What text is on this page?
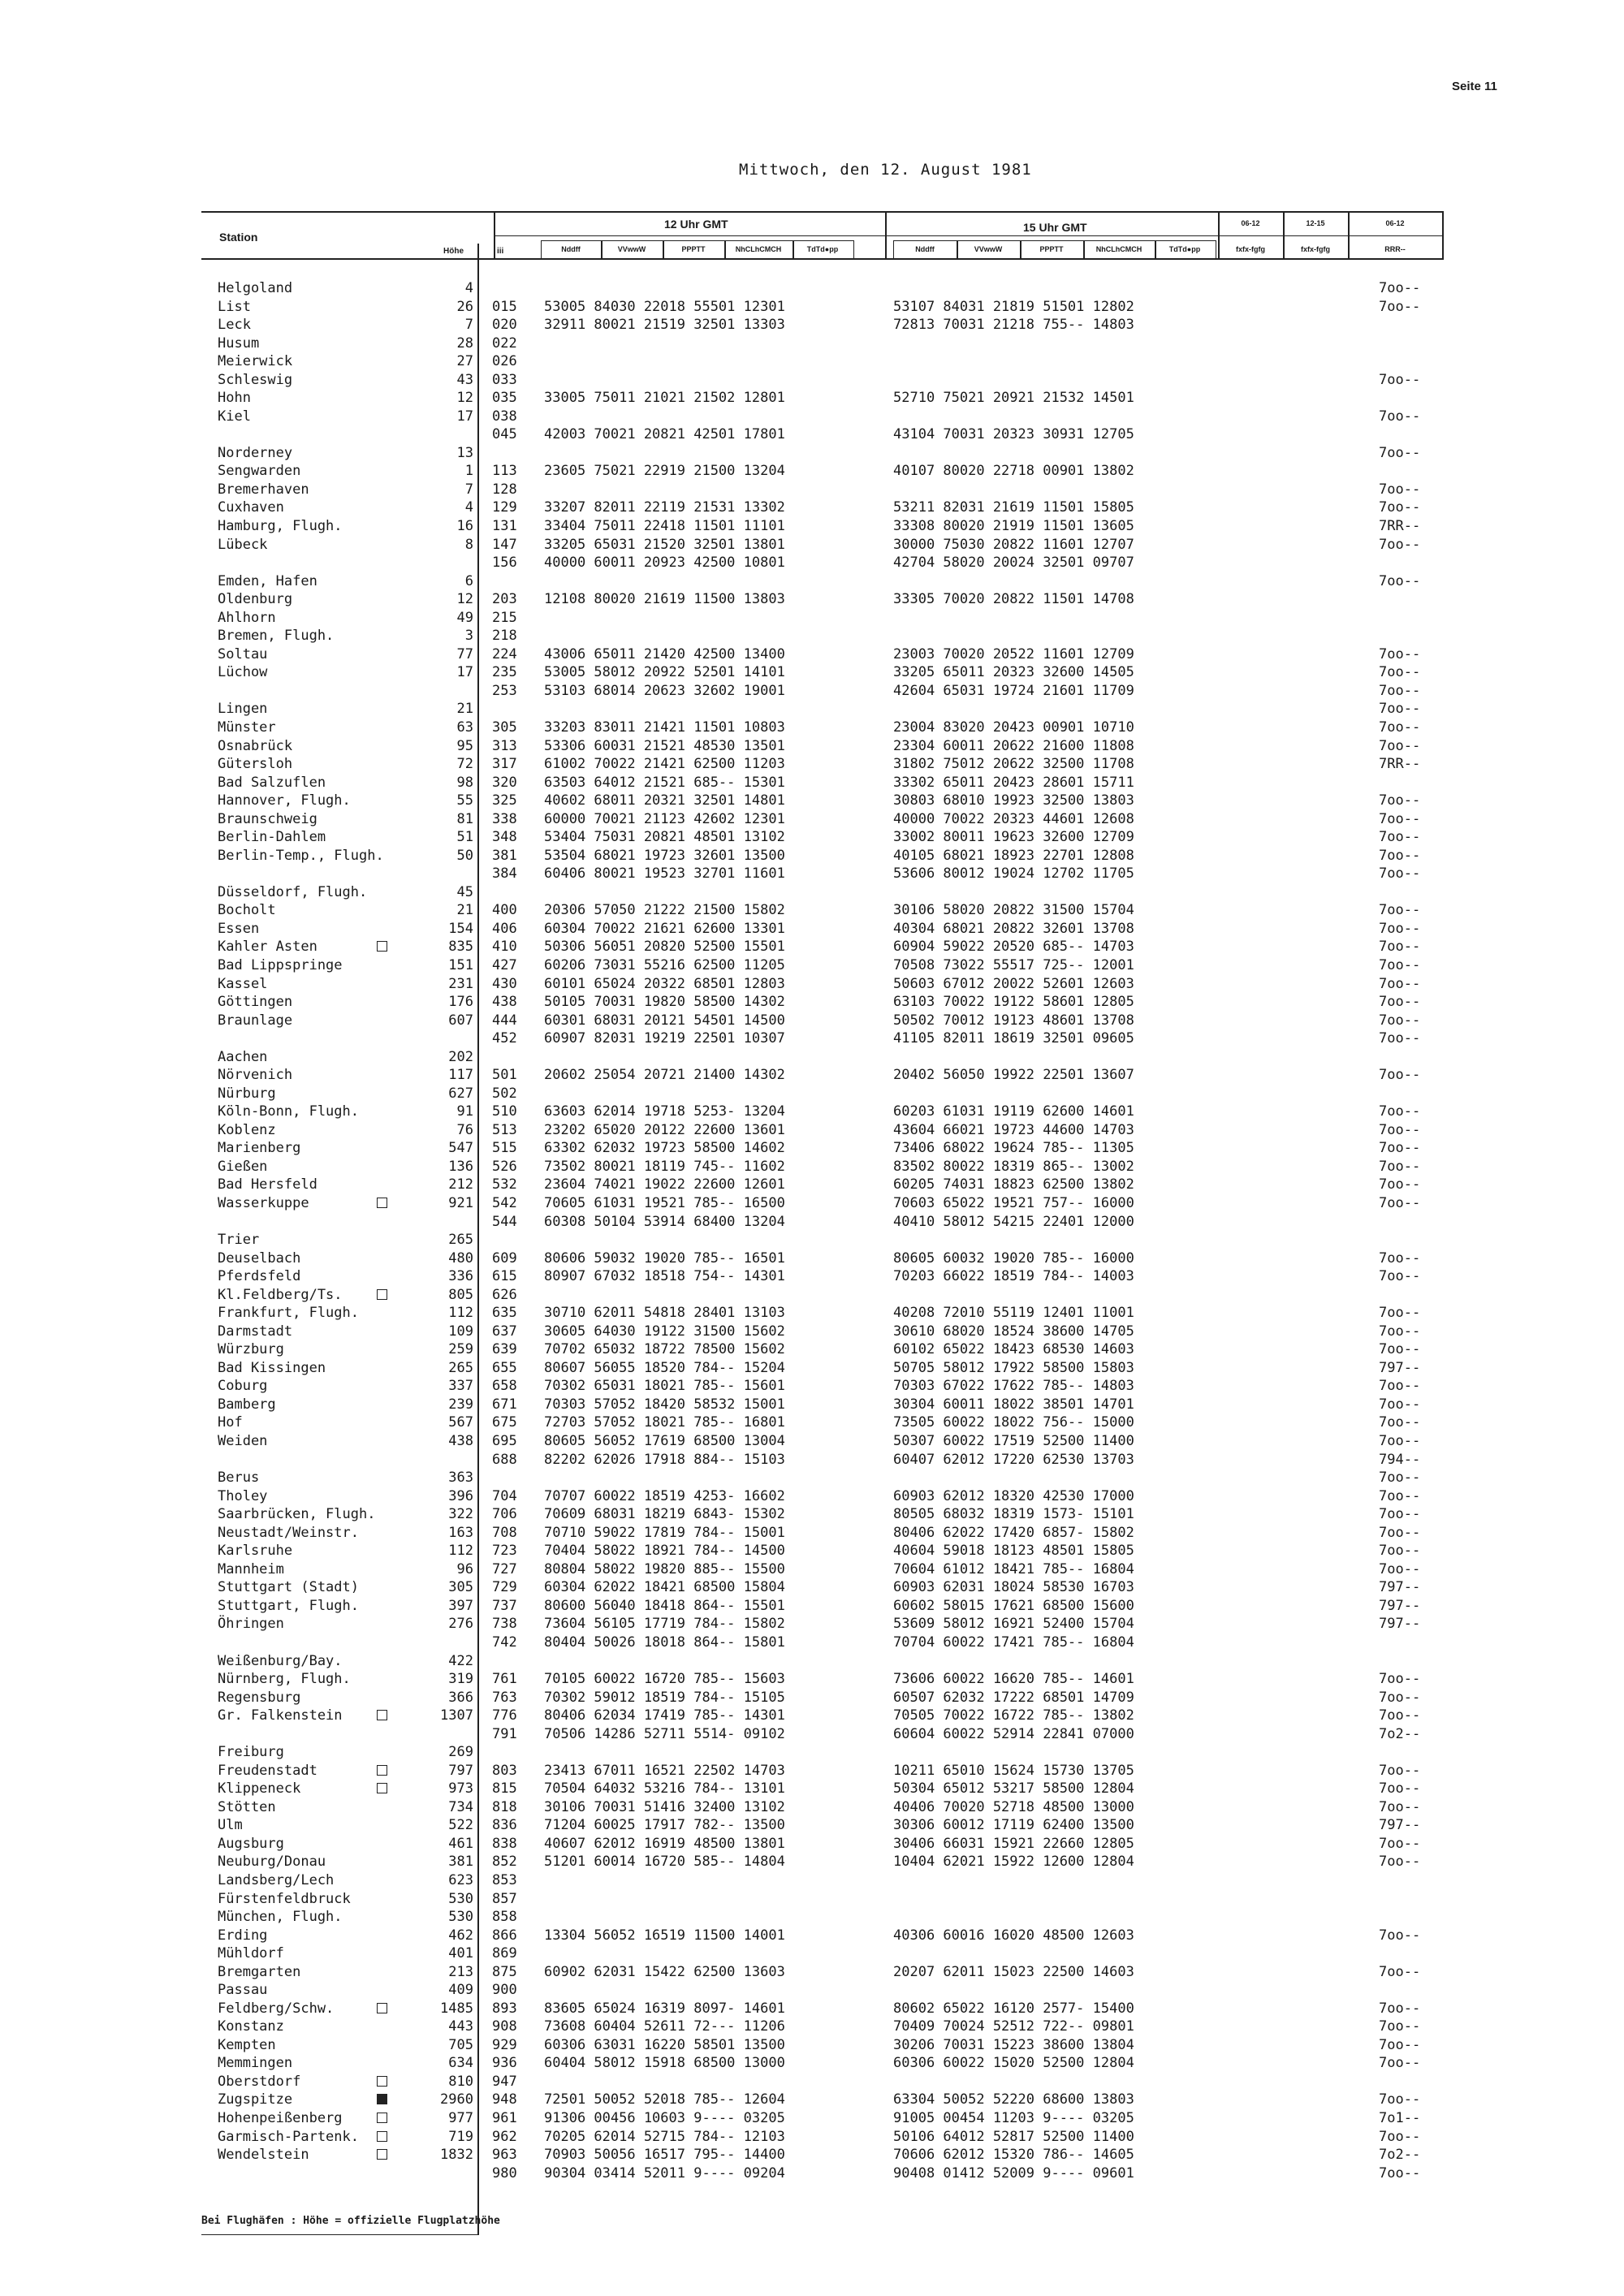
Seite 11
Mittwoch, den 12. August 1981
Station
Höhe	iii
12 Uhr GMT	15 Uhr GMT
Nddff	VVwwW	PPPTT	NhCLhCMCH	TdTd●pp	Nddff	VVwwW	PPPTT	NhCLhCMCH	TdTd●pp
06-12	12-15	06-12
fxfx-fgfg	fxfx-fgfg	RRR--
Helgoland	4	7oo--
List	26 015 53005 84030 22018 55501 12301	53107 84031 21819 51501 12802	7oo--
Leck	7 020 32911 80021 21519 32501 13303	72813 70031 21218 755-- 14803
Husum	28 022
Meierwick	27 026
Schleswig	43 033	7oo--
Hohn	12 035 33005 75011 21021 21502 12801	52710 75021 20921 21532 14501
Kiel	17 038	7oo--
045 42003 70021 20821 42501 17801	43104 70031 20323 30931 12705
Norderney	13	7oo--
Sengwarden	1 113 23605 75021 22919 21500 13204	40107 80020 22718 00901 13802
Bremerhaven	7 128	7oo--
Cuxhaven	4 129 33207 82011 22119 21531 13302	53211 82031 21619 11501 15805	7oo--
Hamburg, Flugh.	16 131 33404 75011 22418 11501 11101	33308 80020 21919 11501 13605	7RR--
Lübeck	8 147 33205 65031 21520 32501 13801	30000 75030 20822 11601 12707	7oo--
156 40000 60011 20923 42500 10801	42704 58020 20024 32501 09707
Emden, Hafen	6	7oo--
Oldenburg	12 203 12108 80020 21619 11500 13803	33305 70020 20822 11501 14708
Ahlhorn	49 215
Bremen, Flugh.	3 218
Soltau	77 224 43006 65011 21420 42500 13400	23003 70020 20522 11601 12709	7oo--
Lüchow	17 235 53005 58012 20922 52501 14101	33205 65011 20323 32600 14505	7oo--
253 53103 68014 20623 32602 19001	42604 65031 19724 21601 11709	7oo--
Lingen	21	7oo--
Münster	63 305 33203 83011 21421 11501 10803	23004 83020 20423 00901 10710	7oo--
Osnabrück	95 313 53306 60031 21521 48530 13501	23304 60011 20622 21600 11808	7oo--
Gütersloh	72 317 61002 70022 21421 62500 11203	31802 75012 20622 32500 11708	7RR--
Bad Salzuflen	98 320 63503 64012 21521 685-- 15301	33302 65011 20423 28601 15711
Hannover, Flugh.	55 325 40602 68011 20321 32501 14801	30803 68010 19923 32500 13803	7oo--
Braunschweig	81 338 60000 70021 21123 42602 12301	40000 70022 20323 44601 12608	7oo--
Berlin-Dahlem	51 348 53404 75031 20821 48501 13102	33002 80011 19623 32600 12709	7oo--
Berlin-Temp., Flugh.	50 381 53504 68021 19723 32601 13500	40105 68021 18923 22701 12808	7oo--
384 60406 80021 19523 32701 11601	53606 80012 19024 12702 11705	7oo--
Düsseldorf, Flugh.	45
Bocholt	21 400 20306 57050 21222 21500 15802	30106 58020 20822 31500 15704	7oo--
Essen	154 406 60304 70022 21621 62600 13301	40304 68021 20822 32601 13708	7oo--
Kahler Asten	835 410 50306 56051 20820 52500 15501	60904 59022 20520 685-- 14703	7oo--
Bad Lippspringe	151 427 60206 73031 55216 62500 11205	70508 73022 55517 725-- 12001	7oo--
Kassel	231 430 60101 65024 20322 68501 12803	50603 67012 20022 52601 12603	7oo--
Göttingen	176 438 50105 70031 19820 58500 14302	63103 70022 19122 58601 12805	7oo--
Braunlage	607 444 60301 68031 20121 54501 14500	50502 70012 19123 48601 13708	7oo--
452 60907 82031 19219 22501 10307	41105 82011 18619 32501 09605	7oo--
Aachen	202
Nörvenich	117 501 20602 25054 20721 21400 14302	20402 56050 19922 22501 13607	7oo--
Nürburg	627 502
Köln-Bonn, Flugh.	91 510 63603 62014 19718 5253- 13204	60203 61031 19119 62600 14601	7oo--
Koblenz	76 513 23202 65020 20122 22600 13601	43604 66021 19723 44600 14703	7oo--
Marienberg	547 515 63302 62032 19723 58500 14602	73406 68022 19624 785-- 11305	7oo--
Gießen	136 526 73502 80021 18119 745-- 11602	83502 80022 18319 865-- 13002	7oo--
Bad Hersfeld	212 532 23604 74021 19022 22600 12601	60205 74031 18823 62500 13802	7oo--
Wasserkuppe	921 542 70605 61031 19521 785-- 16500	70603 65022 19521 757-- 16000	7oo--
544 60308 50104 53914 68400 13204	40410 58012 54215 22401 12000
Trier	265
Deuselbach	480 609 80606 59032 19020 785-- 16501	80605 60032 19020 785-- 16000	7oo--
Pferdsfeld	336 615 80907 67032 18518 754-- 14301	70203 66022 18519 784-- 14003	7oo--
Kl.Feldberg/Ts.	805 626
Frankfurt, Flugh.	112 635 30710 62011 54818 28401 13103	40208 72010 55119 12401 11001	7oo--
Darmstadt	109 637 30605 64030 19122 31500 15602	30610 68020 18524 38600 14705	7oo--
Würzburg	259 639 70702 65032 18722 78500 15602	60102 65022 18423 68530 14603	7oo--
Bad Kissingen	265 655 80607 56055 18520 784-- 15204	50705 58012 17922 58500 15803	797--
Coburg	337 658 70302 65031 18021 785-- 15601	70303 67022 17622 785-- 14803	7oo--
Bamberg	239 671 70303 57052 18420 58532 15001	30304 60011 18022 38501 14701	7oo--
Hof	567 675 72703 57052 18021 785-- 16801	73505 60022 18022 756-- 15000	7oo--
Weiden	438 695 80605 56052 17619 68500 13004	50307 60022 17519 52500 11400	7oo--
688 82202 62026 17918 884-- 15103	60407 62012 17220 62530 13703	794--
Berus	363	7oo--
Tholey	396 704 70707 60022 18519 4253- 16602	60903 62012 18320 42530 17000	7oo--
Saarbrücken, Flugh.	322 706 70609 68031 18219 6843- 15302	80505 68032 18319 1573- 15101	7oo--
Neustadt/Weinstr.	163 708 70710 59022 17819 784-- 15001	80406 62022 17420 6857- 15802	7oo--
Karlsruhe	112 723 70404 58022 18921 784-- 14500	40604 59018 18123 48501 15805	7oo--
Mannheim	96 727 80804 58022 19820 885-- 15500	70604 61012 18421 785-- 16804	7oo--
Stuttgart (Stadt)	305 729 60304 62022 18421 68500 15804	60903 62031 18024 58530 16703	797--
Stuttgart, Flugh.	397 737 80600 56040 18418 864-- 15501	60602 58015 17621 68500 15600	797--
Öhringen	276 738 73604 56105 17719 784-- 15802	53609 58012 16921 52400 15704	797--
742 80404 50026 18018 864-- 15801	70704 60022 17421 785-- 16804
Weißenburg/Bay.	422
Nürnberg, Flugh.	319 761 70105 60022 16720 785-- 15603	73606 60022 16620 785-- 14601	7oo--
Regensburg	366 763 70302 59012 18519 784-- 15105	60507 62032 17222 68501 14709	7oo--
Gr. Falkenstein	1307 776 80406 62034 17419 785-- 14301	70505 70022 16722 785-- 13802	7oo--
791 70506 14286 52711 5514- 09102	60604 60022 52914 22841 07000	7o2--
Freiburg	269
Freudenstadt	797 803 23413 67011 16521 22502 14703	10211 65010 15624 15730 13705	7oo--
Klippeneck	973 815 70504 64032 53216 784-- 13101	50304 65012 53217 58500 12804	7oo--
Stötten	734 818 30106 70031 51416 32400 13102	40406 70020 52718 48500 13000	7oo--
Ulm	522 836 71204 60025 17917 782-- 13500	30306 60012 17119 62400 13500	797--
Augsburg	461 838 40607 62012 16919 48500 13801	30406 66031 15921 22660 12805	7oo--
Neuburg/Donau	381 852 51201 60014 16720 585-- 14804	10404 62021 15922 12600 12804	7oo--
Landsberg/Lech	623 853
Fürstenfeldbruck	530 857
München, Flugh.	530 858
Erding	462 866 13304 56052 16519 11500 14001	40306 60016 16020 48500 12603	7oo--
Mühldorf	401 869
Bremgarten	213 875 60902 62031 15422 62500 13603	20207 62011 15023 22500 14603	7oo--
Passau	409 900
Feldberg/Schw.	1485 893 83605 65024 16319 8097- 14601	80602 65022 16120 2577- 15400	7oo--
Konstanz	443 908 73608 60404 52611 72--- 11206	70409 70024 52512 722-- 09801	7oo--
Kempten	705 929 60306 63031 16220 58501 13500	30206 70031 15223 38600 13804	7oo--
Memmingen	634 936 60404 58012 15918 68500 13000	60306 60022 15020 52500 12804	7oo--
Oberstdorf	810 947
Zugspitze	2960 948 72501 50052 52018 785-- 12604	63304 50052 52220 68600 13803	7oo--
Hohenpeißenberg	977 961 91306 00456 10603 9---- 03205	91005 00454 11203 9---- 03205	7o1--
Garmisch-Partenk.	719 962 70205 62014 52715 784-- 12103	50106 64012 52817 52500 11400	7oo--
Wendelstein	1832 963 70903 50056 16517 795-- 14400	70606 62012 15320 786-- 14605	7o2--
980 90304 03414 52011 9---- 09204	90408 01412 52009 9---- 09601	7oo--
Bei Flughäfen : Höhe = offizielle Flugplatzhöhe
